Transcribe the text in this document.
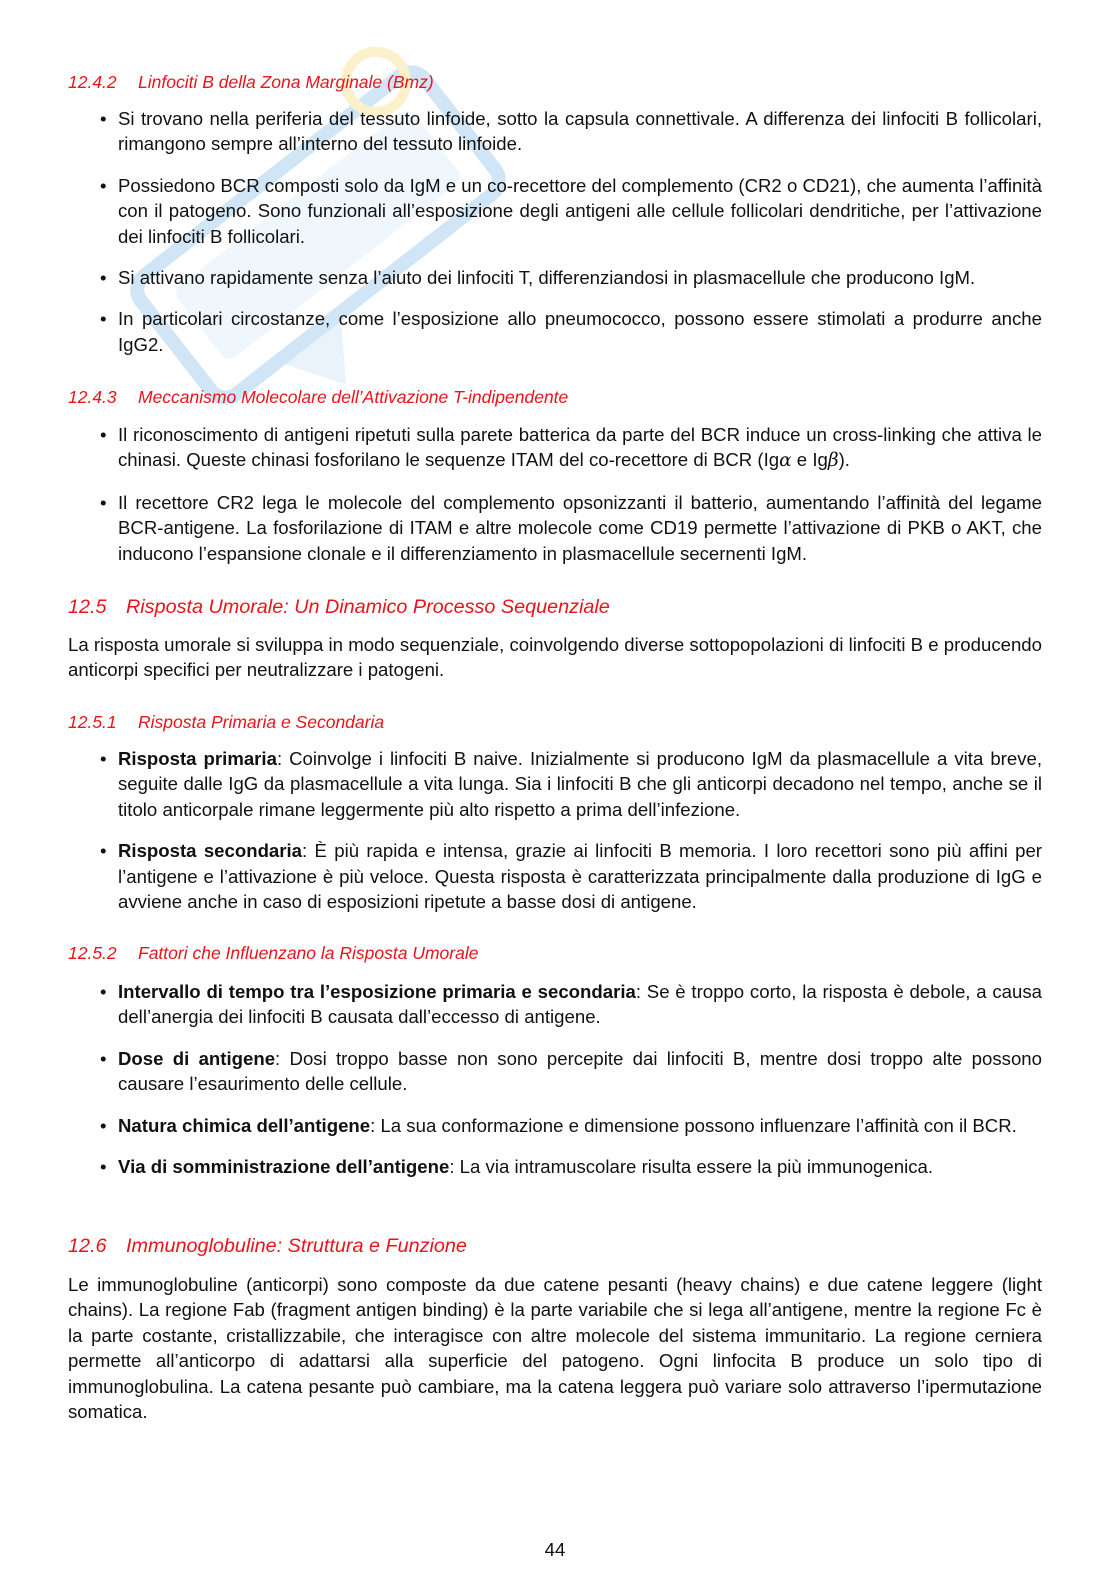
12.4.2 Linfociti B della Zona Marginale (Bmz)
• Si trovano nella periferia del tessuto linfoide, sotto la capsula connettivale. A differenza dei linfociti B follicolari, rimangono sempre all’interno del tessuto linfoide.
• Possiedono BCR composti solo da IgM e un co-recettore del complemento (CR2 o CD21), che aumenta l’affinità con il patogeno. Sono funzionali all’esposizione degli antigeni alle cellule follicolari dendritiche, per l’attivazione dei linfociti B follicolari.
• Si attivano rapidamente senza l’aiuto dei linfociti T, differenziandosi in plasmacellule che producono IgM.
• In particolari circostanze, come l’esposizione allo pneumococco, possono essere stimolati a produrre anche IgG2.
12.4.3 Meccanismo Molecolare dell’Attivazione T-indipendente
• Il riconoscimento di antigeni ripetuti sulla parete batterica da parte del BCR induce un cross-linking che attiva le chinasi. Queste chinasi fosforilano le sequenze ITAM del co-recettore di BCR (Igα e Igβ).
• Il recettore CR2 lega le molecole del complemento opsonizzanti il batterio, aumentando l’affinità del legame BCR-antigene. La fosforilazione di ITAM e altre molecole come CD19 permette l’attivazione di PKB o AKT, che inducono l’espansione clonale e il differenziamento in plasmacellule secernenti IgM.
12.5 Risposta Umorale: Un Dinamico Processo Sequenziale

La risposta umorale si sviluppa in modo sequenziale, coinvolgendo diverse sottopopolazioni di linfociti B e producendo anticorpi specifici per neutralizzare i patogeni.

12.5.1 Risposta Primaria e Secondaria
• Risposta primaria: Coinvolge i linfociti B naive. Inizialmente si producono IgM da plasmacellule a vita breve, seguite dalle IgG da plasmacellule a vita lunga. Sia i linfociti B che gli anticorpi decadono nel tempo, anche se il titolo anticorpale rimane leggermente più alto rispetto a prima dell’infezione.
• Risposta secondaria: È più rapida e intensa, grazie ai linfociti B memoria. I loro recettori sono più affini per l’antigene e l’attivazione è più veloce. Questa risposta è caratterizzata principalmente dalla produzione di IgG e avviene anche in caso di esposizioni ripetute a basse dosi di antigene.
12.5.2 Fattori che Influenzano la Risposta Umorale
• Intervallo di tempo tra l’esposizione primaria e secondaria: Se è troppo corto, la risposta è debole, a causa dell’anergia dei linfociti B causata dall’eccesso di antigene.
• Dose di antigene: Dosi troppo basse non sono percepite dai linfociti B, mentre dosi troppo alte possono causare l’esaurimento delle cellule.
• Natura chimica dell’antigene: La sua conformazione e dimensione possono influenzare l’affinità con il BCR.
• Via di somministrazione dell’antigene: La via intramuscolare risulta essere la più immunogenica.
12.6 Immunoglobuline: Struttura e Funzione

Le immunoglobuline (anticorpi) sono composte da due catene pesanti (heavy chains) e due catene leggere (light chains). La regione Fab (fragment antigen binding) è la parte variabile che si lega all’antigene, mentre la regione Fc è la parte costante, cristallizzabile, che interagisce con altre molecole del sistema immunitario. La regione cerniera permette all’anticorpo di adattarsi alla superficie del patogeno. Ogni linfocita B produce un solo tipo di immunoglobulina. La catena pesante può cambiare, ma la catena leggera può variare solo attraverso l’ipermutazione somatica.

44
